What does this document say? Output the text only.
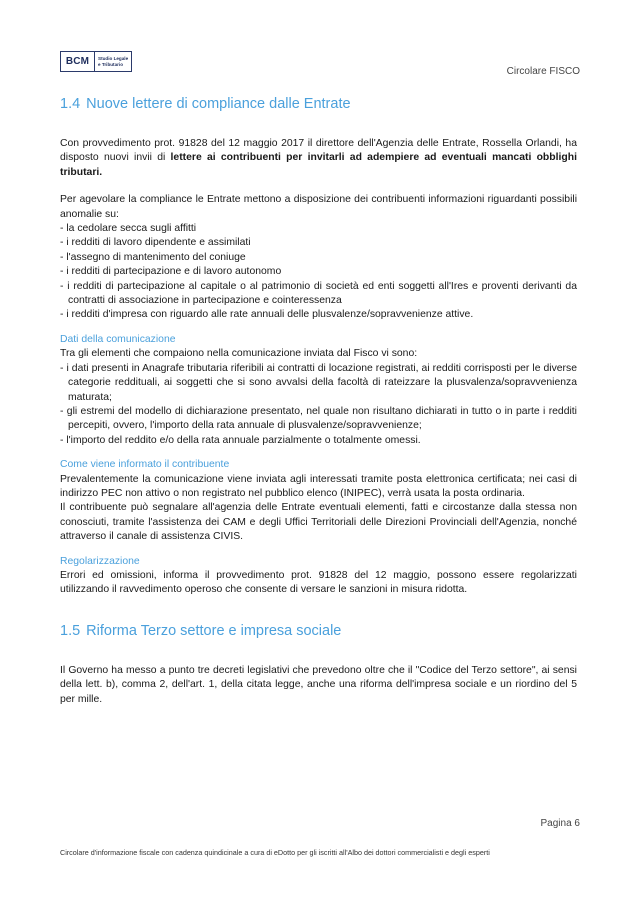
BCM	Studio Legale
e Tributario
Circolare FISCO
1.4 Nuove lettere di compliance dalle Entrate

Con provvedimento prot. 91828 del 12 maggio 2017 il direttore dell'Agenzia delle Entrate, Rossella Orlandi, ha disposto nuovi invii di lettere ai contribuenti per invitarli ad adempiere ad eventuali mancati obblighi tributari.

Per agevolare la compliance le Entrate mettono a disposizione dei contribuenti informazioni riguardanti possibili anomalie su:

- la cedolare secca sugli affitti
- i redditi di lavoro dipendente e assimilati
- l'assegno di mantenimento del coniuge
- i redditi di partecipazione e di lavoro autonomo
- i redditi di partecipazione al capitale o al patrimonio di società ed enti soggetti all'Ires e proventi derivanti da contratti di associazione in partecipazione e cointeressenza
- i redditi d'impresa con riguardo alle rate annuali delle plusvalenze/sopravvenienze attive.

Dati della comunicazione

Tra gli elementi che compaiono nella comunicazione inviata dal Fisco vi sono:

- i dati presenti in Anagrafe tributaria riferibili ai contratti di locazione registrati, ai redditi corrisposti per le diverse categorie reddituali, ai soggetti che si sono avvalsi della facoltà di rateizzare la plusvalenza/sopravvenienza maturata;
- gli estremi del modello di dichiarazione presentato, nel quale non risultano dichiarati in tutto o in parte i redditi percepiti, ovvero, l'importo della rata annuale di plusvalenze/sopravvenienze;
- l'importo del reddito e/o della rata annuale parzialmente o totalmente omessi.

Come viene informato il contribuente

Prevalentemente la comunicazione viene inviata agli interessati tramite posta elettronica certificata; nei casi di indirizzo PEC non attivo o non registrato nel pubblico elenco (INIPEC), verrà usata la posta ordinaria.

Il contribuente può segnalare all'agenzia delle Entrate eventuali elementi, fatti e circostanze dalla stessa non conosciuti, tramite l'assistenza dei CAM e degli Uffici Territoriali delle Direzioni Provinciali dell'Agenzia, nonché attraverso il canale di assistenza CIVIS.

Regolarizzazione

Errori ed omissioni, informa il provvedimento prot. 91828 del 12 maggio, possono essere regolarizzati utilizzando il ravvedimento operoso che consente di versare le sanzioni in misura ridotta.

1.5 Riforma Terzo settore e impresa sociale

Il Governo ha messo a punto tre decreti legislativi che prevedono oltre che il "Codice del Terzo settore", ai sensi della lett. b), comma 2, dell'art. 1, della citata legge, anche una riforma dell'impresa sociale e un riordino del 5 per mille.

Pagina 6
Circolare d'informazione fiscale con cadenza quindicinale a cura di eDotto per gli iscritti all'Albo dei dottori commercialisti e degli esperti
